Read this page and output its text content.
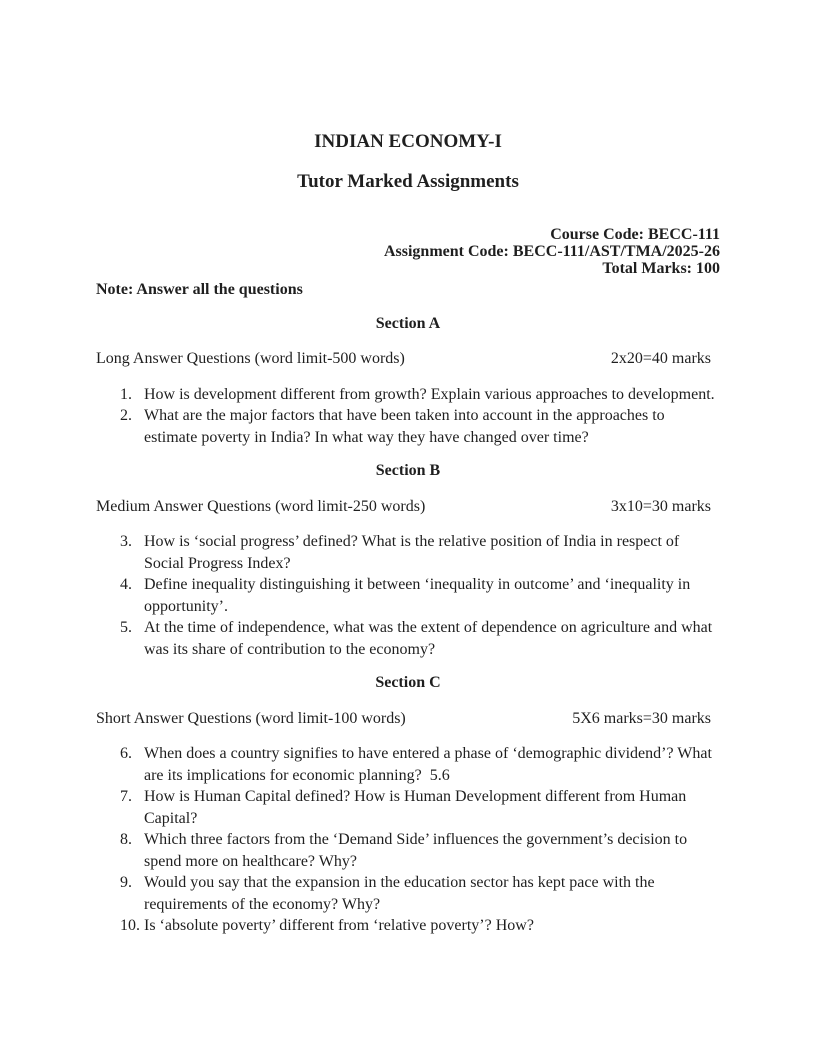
INDIAN ECONOMY-I
Tutor Marked Assignments
Course Code: BECC-111
Assignment Code: BECC-111/AST/TMA/2025-26
Total Marks: 100
Note: Answer all the questions
Section A
Long Answer Questions (word limit-500 words)	2x20=40 marks
1. How is development different from growth? Explain various approaches to development.
2. What are the major factors that have been taken into account in the approaches to estimate poverty in India? In what way they have changed over time?
Section B
Medium Answer Questions (word limit-250 words)	3x10=30 marks
3. How is ‘social progress’ defined? What is the relative position of India in respect of Social Progress Index?
4. Define inequality distinguishing it between ‘inequality in outcome’ and ‘inequality in opportunity’.
5. At the time of independence, what was the extent of dependence on agriculture and what was its share of contribution to the economy?
Section C
Short Answer Questions (word limit-100 words)	5X6 marks=30 marks
6. When does a country signifies to have entered a phase of ‘demographic dividend’? What are its implications for economic planning?  5.6
7. How is Human Capital defined? How is Human Development different from Human Capital?
8. Which three factors from the ‘Demand Side’ influences the government’s decision to spend more on healthcare? Why?
9. Would you say that the expansion in the education sector has kept pace with the requirements of the economy? Why?
10. Is ‘absolute poverty’ different from ‘relative poverty’? How?
